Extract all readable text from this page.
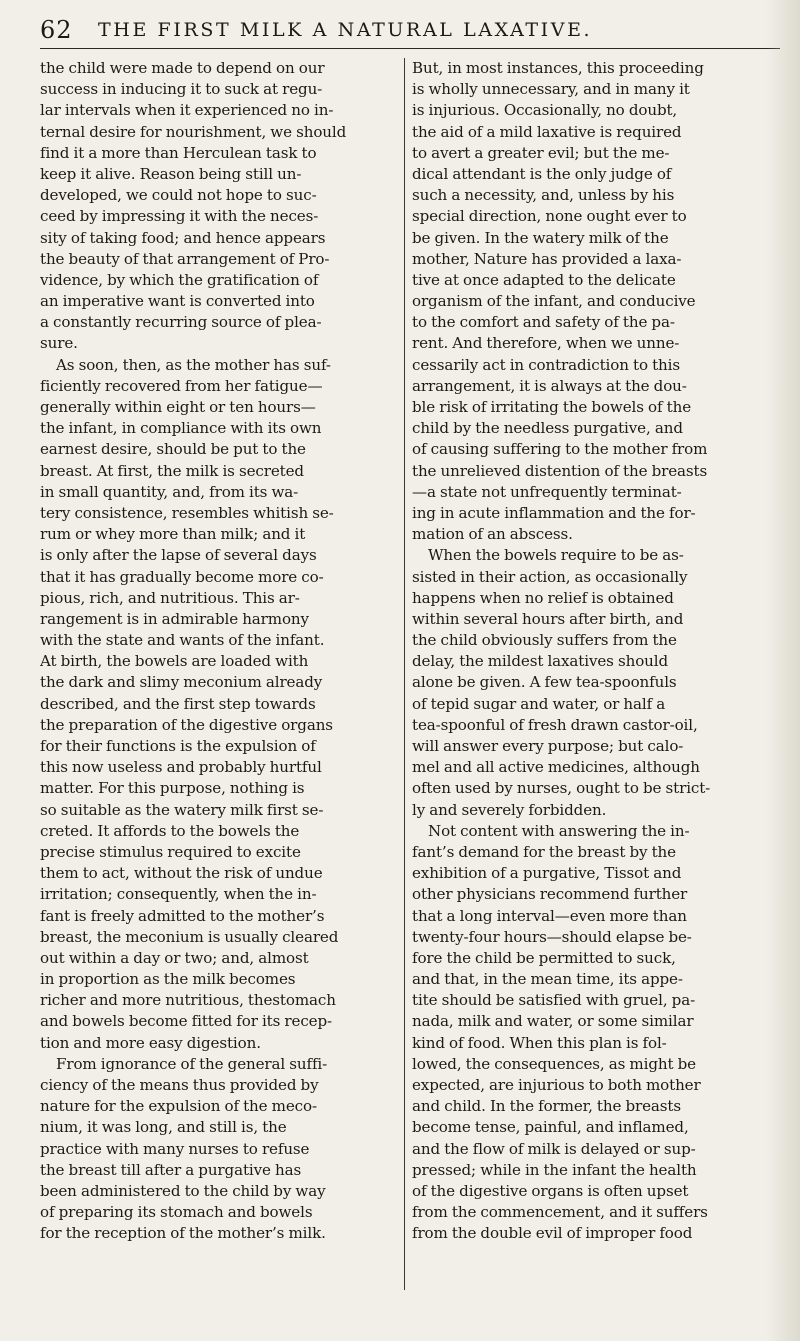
62 THE FIRST MILK A NATURAL LAXATIVE.
the child were made to depend on our
success in inducing it to suck at regu-
lar intervals when it experienced no in-
ternal desire for nourishment, we should
find it a more than Herculean task to
keep it alive. Reason being still un-
developed, we could not hope to suc-
ceed by impressing it with the neces-
sity of taking food; and hence appears
the beauty of that arrangement of Pro-
vidence, by which the gratification of
an imperative want is converted into
a constantly recurring source of plea-
sure.
As soon, then, as the mother has suf-
ficiently recovered from her fatigue—
generally within eight or ten hours—
the infant, in compliance with its own
earnest desire, should be put to the
breast. At first, the milk is secreted
in small quantity, and, from its wa-
tery consistence, resembles whitish se-
rum or whey more than milk; and it
is only after the lapse of several days
that it has gradually become more co-
pious, rich, and nutritious. This ar-
rangement is in admirable harmony
with the state and wants of the infant.
At birth, the bowels are loaded with
the dark and slimy meconium already
described, and the first step towards
the preparation of the digestive organs
for their functions is the expulsion of
this now useless and probably hurtful
matter. For this purpose, nothing is
so suitable as the watery milk first se-
creted. It affords to the bowels the
precise stimulus required to excite
them to act, without the risk of undue
irritation; consequently, when the in-
fant is freely admitted to the mother’s
breast, the meconium is usually cleared
out within a day or two; and, almost
in proportion as the milk becomes
richer and more nutritious, thestomach
and bowels become fitted for its recep-
tion and more easy digestion.
From ignorance of the general suffi-
ciency of the means thus provided by
nature for the expulsion of the meco-
nium, it was long, and still is, the
practice with many nurses to refuse
the breast till after a purgative has
been administered to the child by way
of preparing its stomach and bowels
for the reception of the mother’s milk.
But, in most instances, this proceeding
is wholly unnecessary, and in many it
is injurious. Occasionally, no doubt,
the aid of a mild laxative is required
to avert a greater evil; but the me-
dical attendant is the only judge of
such a necessity, and, unless by his
special direction, none ought ever to
be given. In the watery milk of the
mother, Nature has provided a laxa-
tive at once adapted to the delicate
organism of the infant, and conducive
to the comfort and safety of the pa-
rent. And therefore, when we unne-
cessarily act in contradiction to this
arrangement, it is always at the dou-
ble risk of irritating the bowels of the
child by the needless purgative, and
of causing suffering to the mother from
the unrelieved distention of the breasts
—a state not unfrequently terminat-
ing in acute inflammation and the for-
mation of an abscess.
When the bowels require to be as-
sisted in their action, as occasionally
happens when no relief is obtained
within several hours after birth, and
the child obviously suffers from the
delay, the mildest laxatives should
alone be given. A few tea-spoonfuls
of tepid sugar and water, or half a
tea-spoonful of fresh drawn castor-oil,
will answer every purpose; but calo-
mel and all active medicines, although
often used by nurses, ought to be strict-
ly and severely forbidden.
Not content with answering the in-
fant’s demand for the breast by the
exhibition of a purgative, Tissot and
other physicians recommend further
that a long interval—even more than
twenty-four hours—should elapse be-
fore the child be permitted to suck,
and that, in the mean time, its appe-
tite should be satisfied with gruel, pa-
nada, milk and water, or some similar
kind of food. When this plan is fol-
lowed, the consequences, as might be
expected, are injurious to both mother
and child. In the former, the breasts
become tense, painful, and inflamed,
and the flow of milk is delayed or sup-
pressed; while in the infant the health
of the digestive organs is often upset
from the commencement, and it suffers
from the double evil of improper food
